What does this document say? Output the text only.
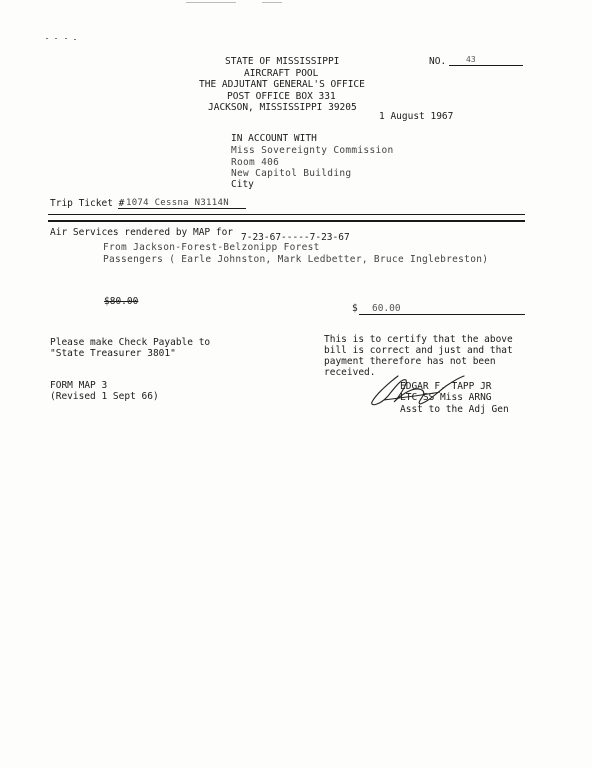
STATE OF MISSISSIPPI
AIRCRAFT POOL
THE ADJUTANT GENERAL'S OFFICE
POST OFFICE BOX 331
JACKSON, MISSISSIPPI 39205
NO. 43
1 August 1967
IN ACCOUNT WITH
Miss Sovereignty Commission
Room 406
New Capitol Building
City
Trip Ticket # 1074 Cessna N3114N
Air Services rendered by MAP for 7-23-67-----7-23-67
From Jackson-Forest-Belzonipp Forest
Passengers ( Earle Johnston, Mark Ledbetter, Bruce Inglebreston)
$80.00
$ 60.00
Please make Check Payable to
"State Treasurer 3801"
This is to certify that the above
bill is correct and just and that
payment therefore has not been
received.
FORM MAP 3
(Revised 1 Sept 66)
EDGAR F. TAPP JR
LTC SS Miss ARNG
Asst to the Adj Gen
